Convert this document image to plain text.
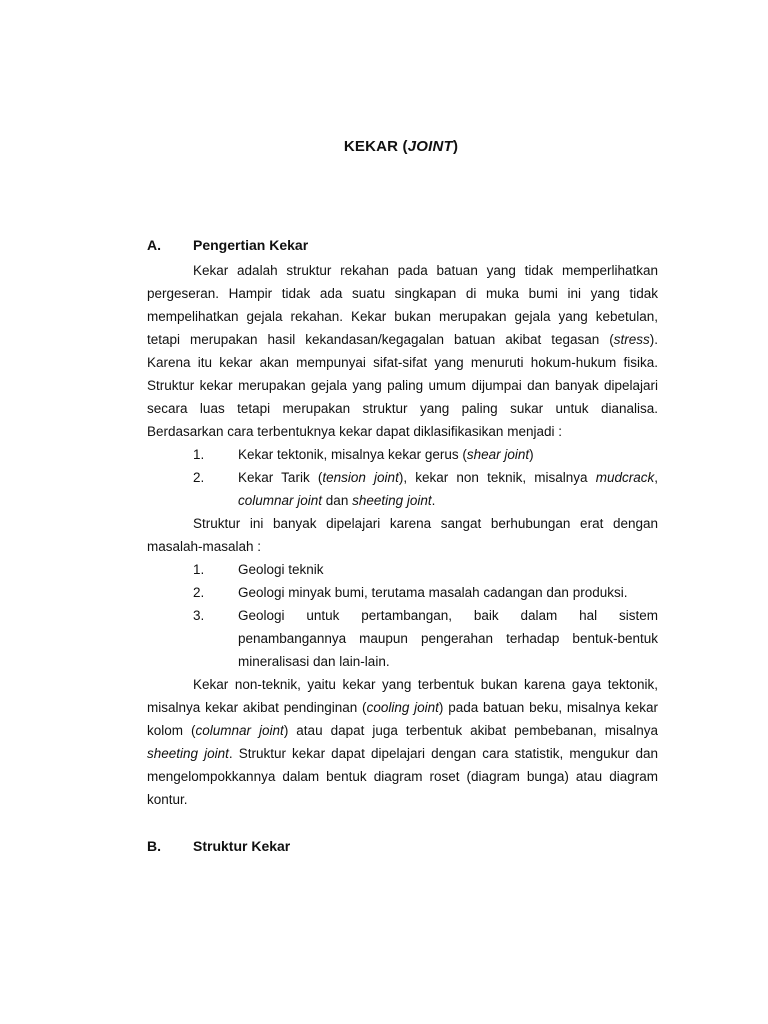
KEKAR (JOINT)
A. Pengertian Kekar

Kekar adalah struktur rekahan pada batuan yang tidak memperlihatkan pergeseran. Hampir tidak ada suatu singkapan di muka bumi ini yang tidak mempelihatkan gejala rekahan. Kekar bukan merupakan gejala yang kebetulan, tetapi merupakan hasil kekandasan/kegagalan batuan akibat tegasan (stress). Karena itu kekar akan mempunyai sifat-sifat yang menuruti hokum-hukum fisika. Struktur kekar merupakan gejala yang paling umum dijumpai dan banyak dipelajari secara luas tetapi merupakan struktur yang paling sukar untuk dianalisa. Berdasarkan cara terbentuknya kekar dapat diklasifikasikan menjadi :

1. Kekar tektonik, misalnya kekar gerus (shear joint)
2. Kekar Tarik (tension joint), kekar non teknik, misalnya mudcrack, columnar joint dan sheeting joint.

Struktur ini banyak dipelajari karena sangat berhubungan erat dengan masalah-masalah :

1. Geologi teknik
2. Geologi minyak bumi, terutama masalah cadangan dan produksi.
3. Geologi untuk pertambangan, baik dalam hal sistem penambangannya maupun pengerahan terhadap bentuk-bentuk mineralisasi dan lain-lain.

Kekar non-teknik, yaitu kekar yang terbentuk bukan karena gaya tektonik, misalnya kekar akibat pendinginan (cooling joint) pada batuan beku, misalnya kekar kolom (columnar joint) atau dapat juga terbentuk akibat pembebanan, misalnya sheeting joint. Struktur kekar dapat dipelajari dengan cara statistik, mengukur dan mengelompokkannya dalam bentuk diagram roset (diagram bunga) atau diagram kontur.

B. Struktur Kekar
